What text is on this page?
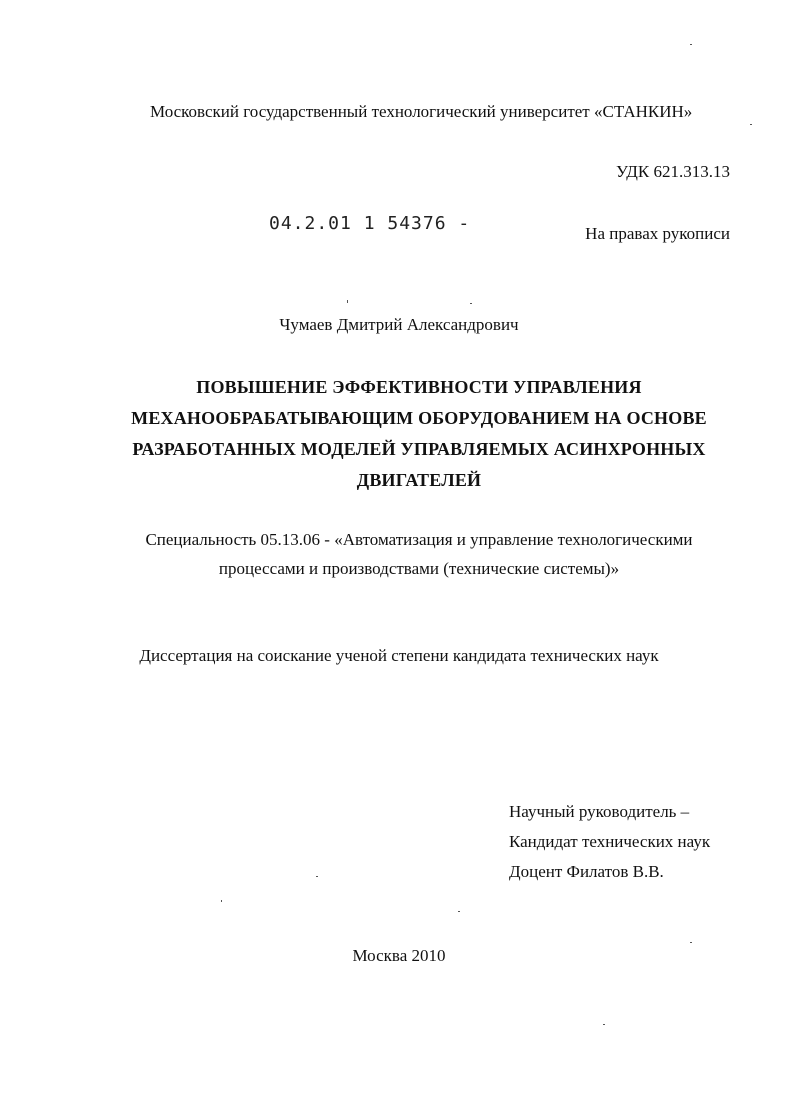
Московский государственный технологический университет «СТАНКИН»
УДК 621.313.13
04.2.01 1 54376 -	На правах рукописи
Чумаев Дмитрий Александрович
ПОВЫШЕНИЕ ЭФФЕКТИВНОСТИ УПРАВЛЕНИЯ
МЕХАНООБРАБАТЫВАЮЩИМ ОБОРУДОВАНИЕМ НА ОСНОВЕ
РАЗРАБОТАННЫХ МОДЕЛЕЙ УПРАВЛЯЕМЫХ АСИНХРОННЫХ
ДВИГАТЕЛЕЙ
Специальность 05.13.06 - «Автоматизация и управление технологическими
процессами и производствами (технические системы)»
Диссертация на соискание ученой степени кандидата технических наук
Научный руководитель –
Кандидат технических наук
Доцент Филатов В.В.
Москва 2010
